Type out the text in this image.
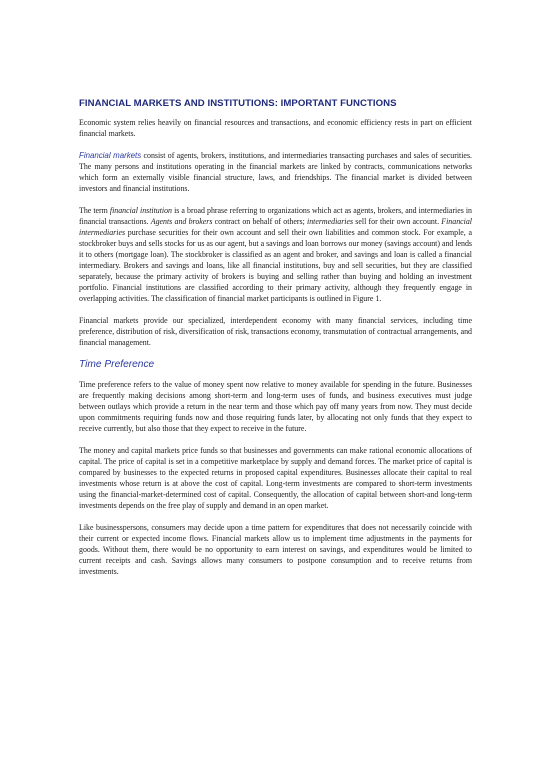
FINANCIAL MARKETS AND INSTITUTIONS: IMPORTANT FUNCTIONS

Economic system relies heavily on financial resources and transactions, and economic efficiency rests in part on efficient financial markets.

Financial markets consist of agents, brokers, institutions, and intermediaries transacting purchases and sales of securities. The many persons and institutions operating in the financial markets are linked by contracts, communications networks which form an externally visible financial structure, laws, and friendships. The financial market is divided between investors and financial institutions.

The term financial institution is a broad phrase referring to organizations which act as agents, brokers, and intermediaries in financial transactions. Agents and brokers contract on behalf of others; intermediaries sell for their own account. Financial intermediaries purchase securities for their own account and sell their own liabilities and common stock. For example, a stockbroker buys and sells stocks for us as our agent, but a savings and loan borrows our money (savings account) and lends it to others (mortgage loan). The stockbroker is classified as an agent and broker, and savings and loan is called a financial intermediary. Brokers and savings and loans, like all financial institutions, buy and sell securities, but they are classified separately, because the primary activity of brokers is buying and selling rather than buying and holding an investment portfolio. Financial institutions are classified according to their primary activity, although they frequently engage in overlapping activities. The classification of financial market participants is outlined in Figure 1.

Financial markets provide our specialized, interdependent economy with many financial services, including time preference, distribution of risk, diversification of risk, transactions economy, transmutation of contractual arrangements, and financial management.

Time Preference

Time preference refers to the value of money spent now relative to money available for spending in the future. Businesses are frequently making decisions among short-term and long-term uses of funds, and business executives must judge between outlays which provide a return in the near term and those which pay off many years from now. They must decide upon commitments requiring funds now and those requiring funds later, by allocating not only funds that they expect to receive currently, but also those that they expect to receive in the future.

The money and capital markets price funds so that businesses and governments can make rational economic allocations of capital. The price of capital is set in a competitive marketplace by supply and demand forces. The market price of capital is compared by businesses to the expected returns in proposed capital expenditures. Businesses allocate their capital to real investments whose return is at above the cost of capital. Long-term investments are compared to short-term investments using the financial-market-determined cost of capital. Consequently, the allocation of capital between short-and long-term investments depends on the free play of supply and demand in an open market.

Like businesspersons, consumers may decide upon a time pattern for expenditures that does not necessarily coincide with their current or expected income flows. Financial markets allow us to implement time adjustments in the payments for goods. Without them, there would be no opportunity to earn interest on savings, and expenditures would be limited to current receipts and cash. Savings allows many consumers to postpone consumption and to receive returns from investments.
